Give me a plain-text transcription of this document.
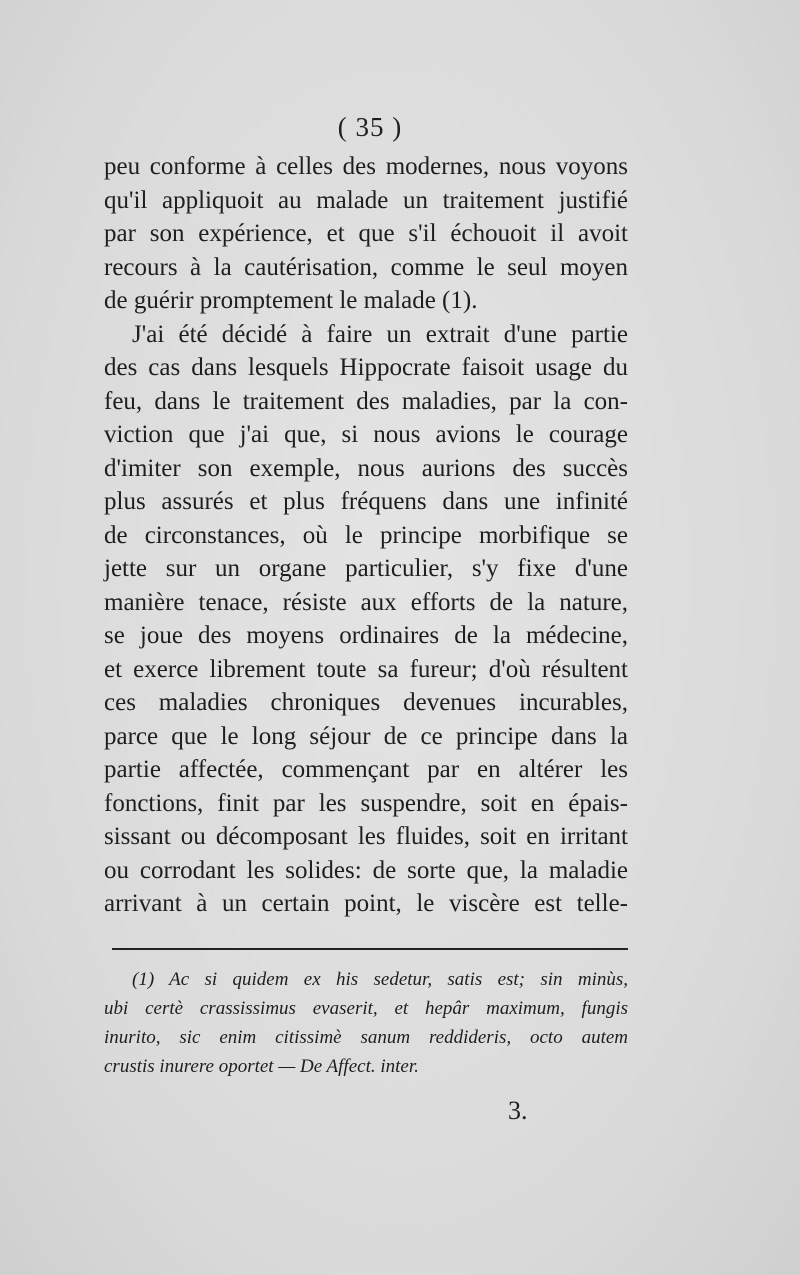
( 35 )
peu conforme à celles des modernes, nous voyons
qu'il appliquoit au malade un traitement justifié
par son expérience, et que s'il échouoit il avoit
recours à la cautérisation, comme le seul moyen
de guérir promptement le malade (1).
J'ai été décidé à faire un extrait d'une partie
des cas dans lesquels Hippocrate faisoit usage du
feu, dans le traitement des maladies, par la con-
viction que j'ai que, si nous avions le courage
d'imiter son exemple, nous aurions des succès
plus assurés et plus fréquens dans une infinité
de circonstances, où le principe morbifique se
jette sur un organe particulier, s'y fixe d'une
manière tenace, résiste aux efforts de la nature,
se joue des moyens ordinaires de la médecine,
et exerce librement toute sa fureur; d'où résultent
ces maladies chroniques devenues incurables,
parce que le long séjour de ce principe dans la
partie affectée, commençant par en altérer les
fonctions, finit par les suspendre, soit en épais-
sissant ou décomposant les fluides, soit en irritant
ou corrodant les solides: de sorte que, la maladie
arrivant à un certain point, le viscère est telle-
(1) Ac si quidem ex his sedetur, satis est; sin minùs,
ubi certè crassissimus evaserit, et hepâr maximum, fungis
inurito, sic enim citissimè sanum reddideris, octo autem
crustis inurere oportet — De Affect. inter.
3.
